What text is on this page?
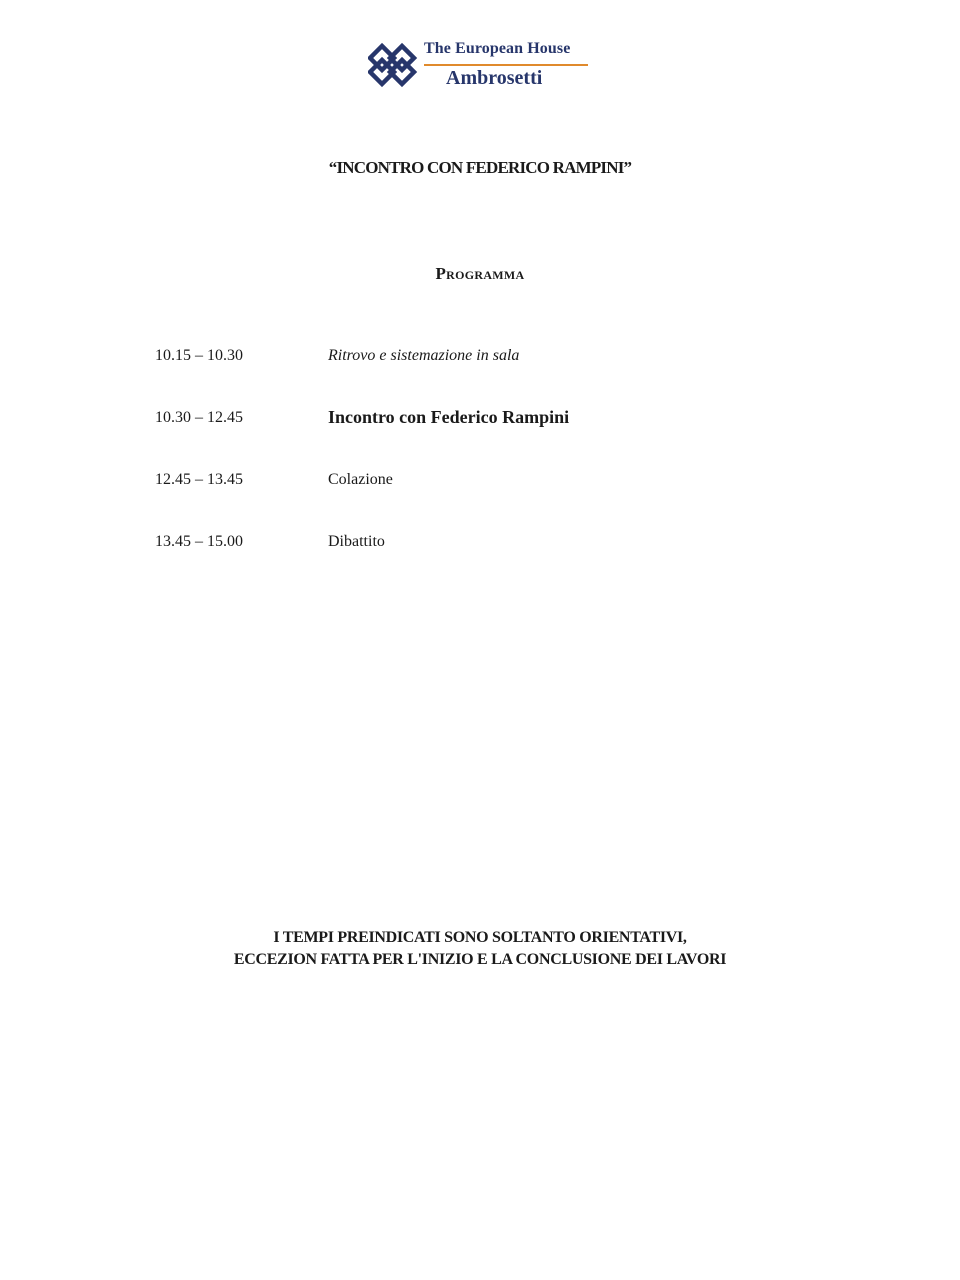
The European House
Ambrosetti
“INCONTRO CON FEDERICO RAMPINI”
Programma
10.15 – 10.30	Ritrovo e sistemazione in sala
10.30 – 12.45	Incontro con Federico Rampini
12.45 – 13.45	Colazione
13.45 – 15.00	Dibattito
I TEMPI PREINDICATI SONO SOLTANTO ORIENTATIVI,
ECCEZION FATTA PER L'INIZIO E LA CONCLUSIONE DEI LAVORI
